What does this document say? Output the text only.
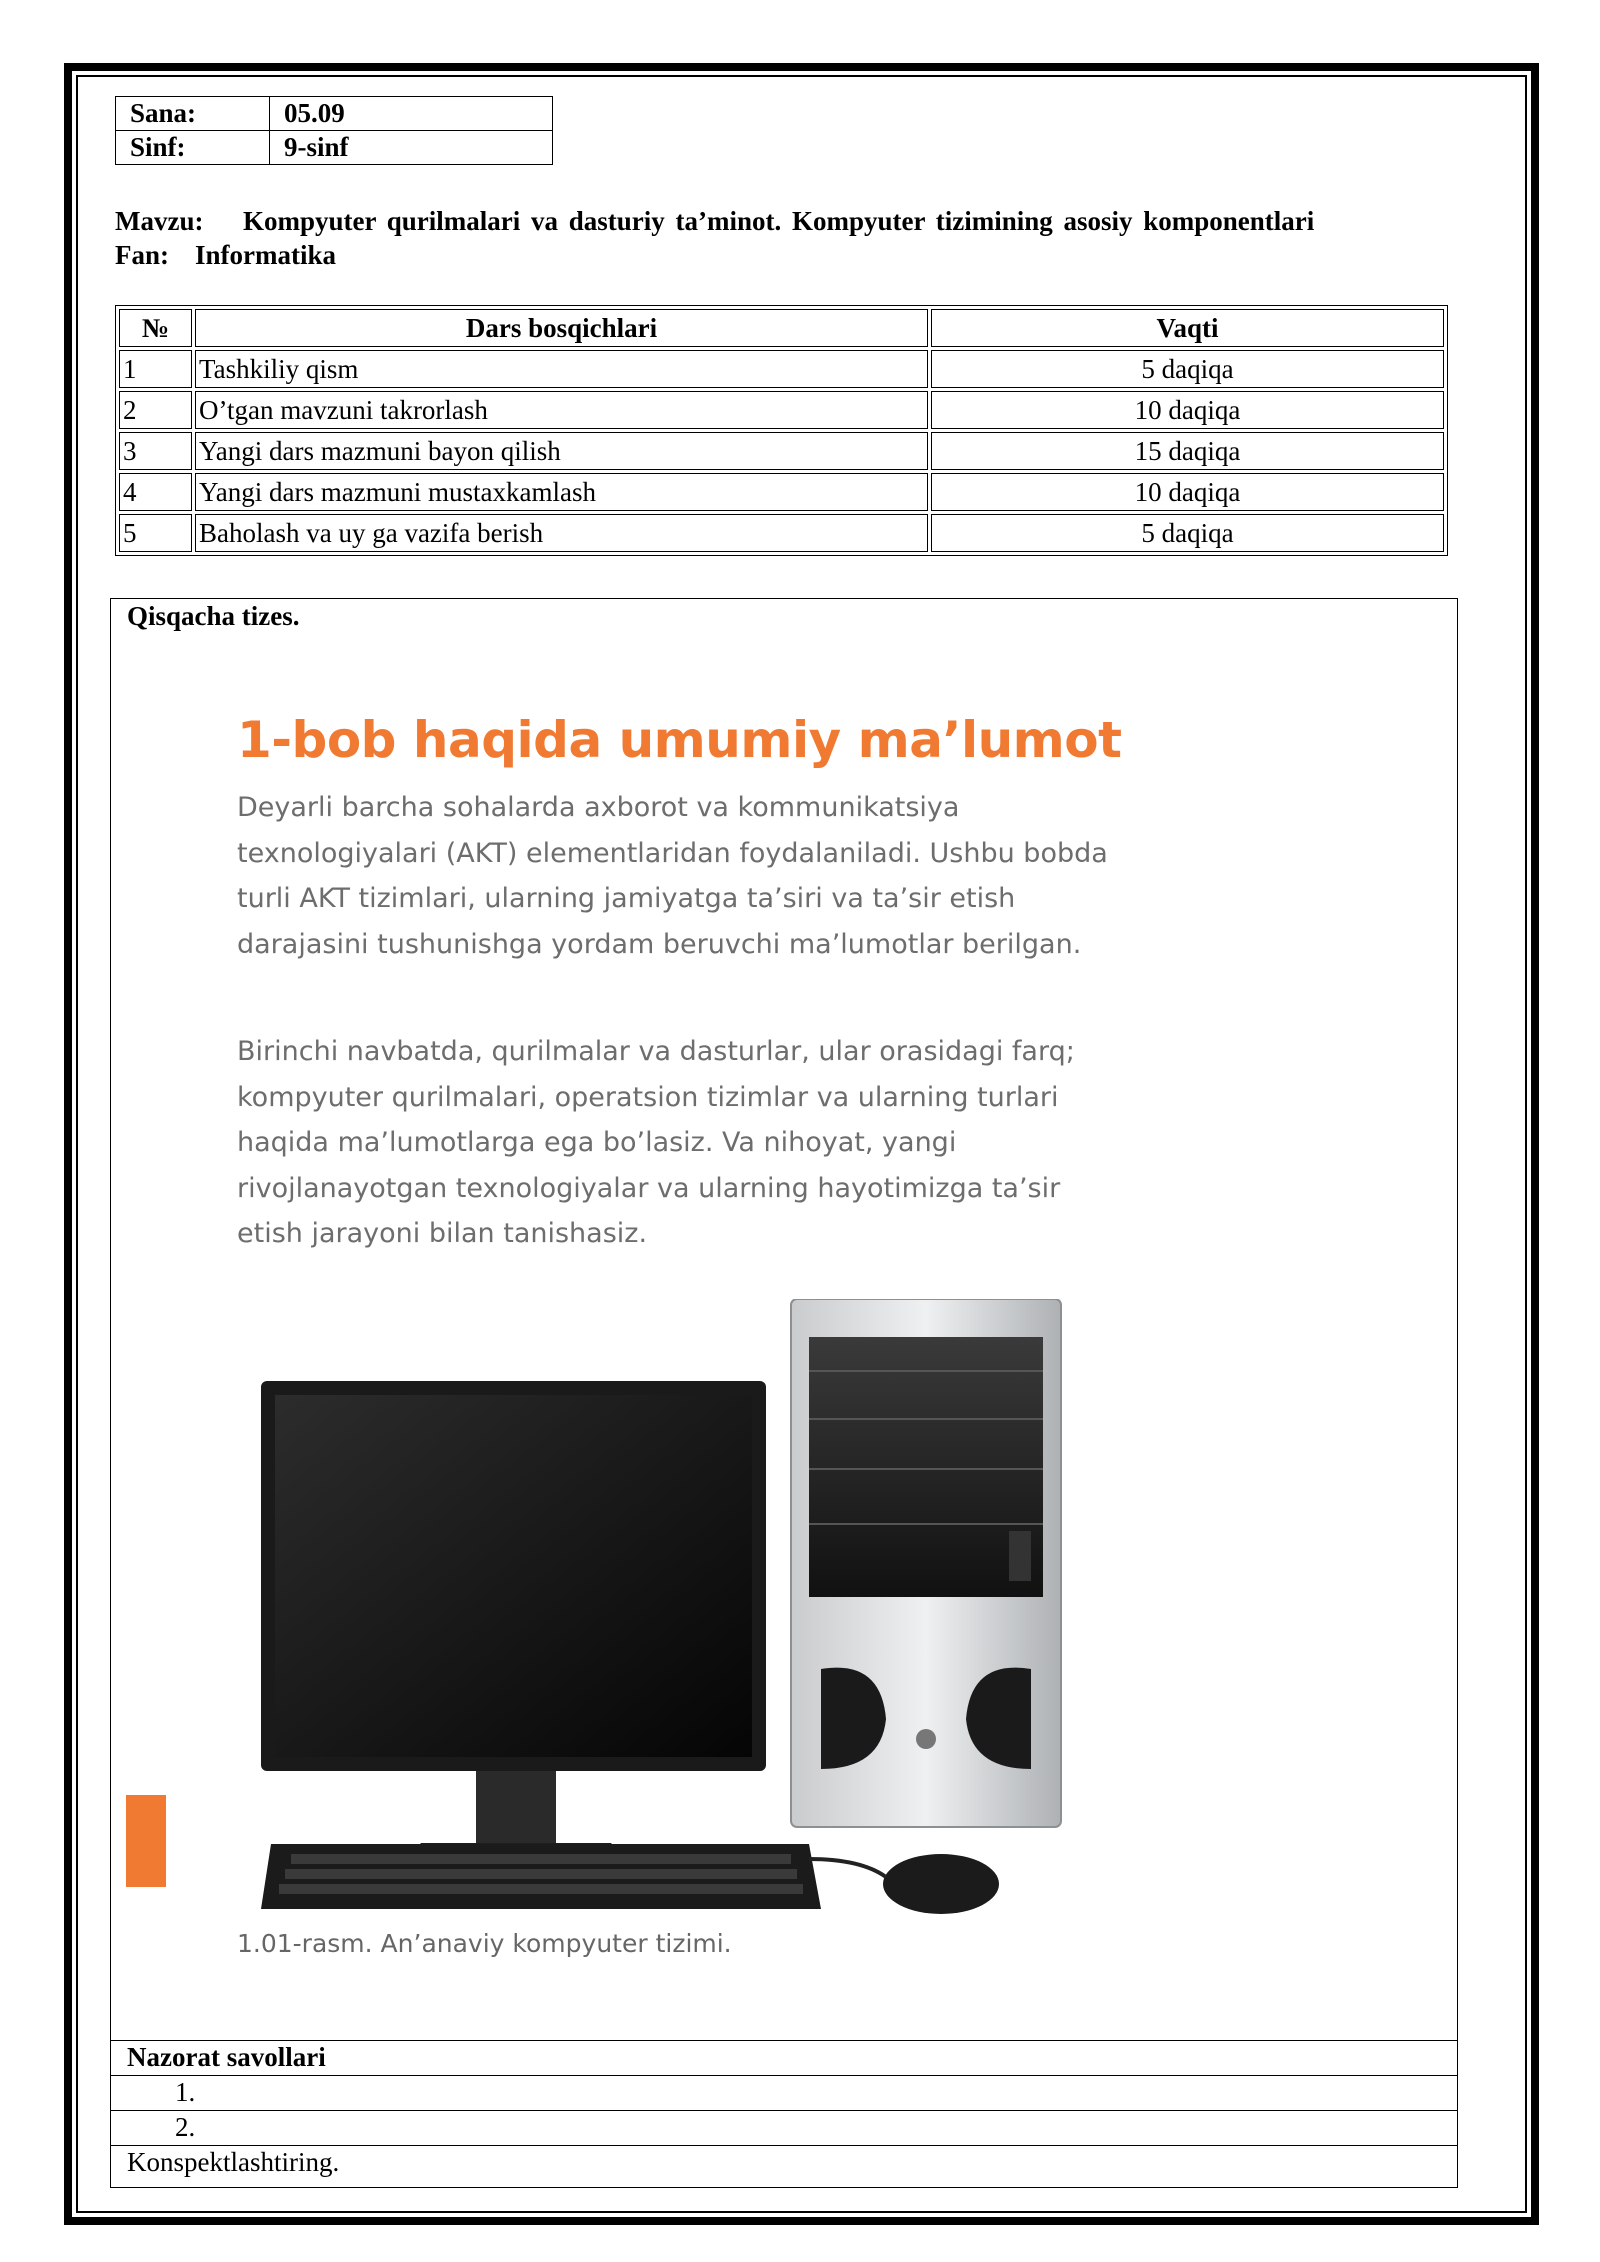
Sana:	05.09
Sinf:	9-sinf
Mavzu: Kompyuter qurilmalari va dasturiy ta’minot. Kompyuter tizimining asosiy komponentlari
Fan: Informatika
№	Dars bosqichlari	Vaqti
1	Tashkiliy qism	5 daqiqa
2	O’tgan mavzuni takrorlash	10 daqiqa
3	Yangi dars mazmuni bayon qilish	15 daqiqa
4	Yangi dars mazmuni mustaxkamlash	10 daqiqa
5	Baholash va uy ga vazifa berish	5 daqiqa
Qisqacha tizes.
1-bob haqida umumiy ma’lumot
Deyarli barcha sohalarda axborot va kommunikatsiya texnologiyalari (AKT) elementlaridan foydalaniladi. Ushbu bobda turli AKT tizimlari, ularning jamiyatga ta’siri va ta’sir etish darajasini tushunishga yordam beruvchi ma’lumotlar berilgan.
Birinchi navbatda, qurilmalar va dasturlar, ular orasidagi farq; kompyuter qurilmalari, operatsion tizimlar va ularning turlari haqida ma’lumotlarga ega bo’lasiz. Va nihoyat, yangi rivojlanayotgan texnologiyalar va ularning hayotimizga ta’sir etish jarayoni bilan tanishasiz.
1.01-rasm. An’anaviy kompyuter tizimi.
Nazorat savollari
1.
2.
Konspektlashtiring.
